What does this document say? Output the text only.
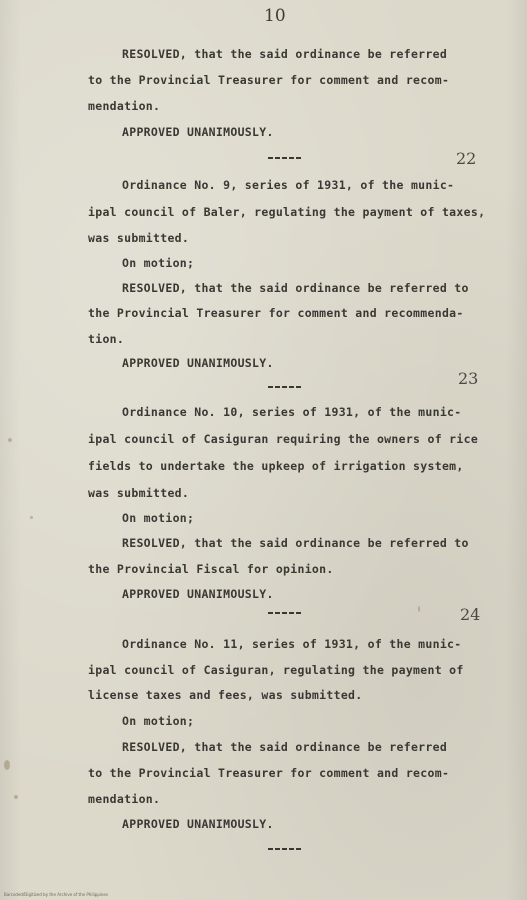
10
RESOLVED, that the said ordinance be referred
to the Provincial Treasurer for comment and recom-
mendation.
APPROVED UNANIMOUSLY.
22
Ordinance No. 9, series of 1931, of the munic-
ipal council of Baler, regulating the payment of taxes,
was submitted.
On motion;
RESOLVED, that the said ordinance be referred to
the Provincial Treasurer for comment and recommenda-
tion.
APPROVED UNANIMOUSLY.
23
Ordinance No. 10, series of 1931, of the munic-
ipal council of Casiguran requiring the owners of rice
fields to undertake the upkeep of irrigation system,
was submitted.
On motion;
RESOLVED, that the said ordinance be referred to
the Provincial Fiscal for opinion.
APPROVED UNANIMOUSLY.
24
Ordinance No. 11, series of 1931, of the munic-
ipal council of Casiguran, regulating the payment of
license taxes and fees, was submitted.
On motion;
RESOLVED, that the said ordinance be referred
to the Provincial Treasurer for comment and recom-
mendation.
APPROVED UNANIMOUSLY.
Barcoded/Digitized by the Archive of the Philippines
